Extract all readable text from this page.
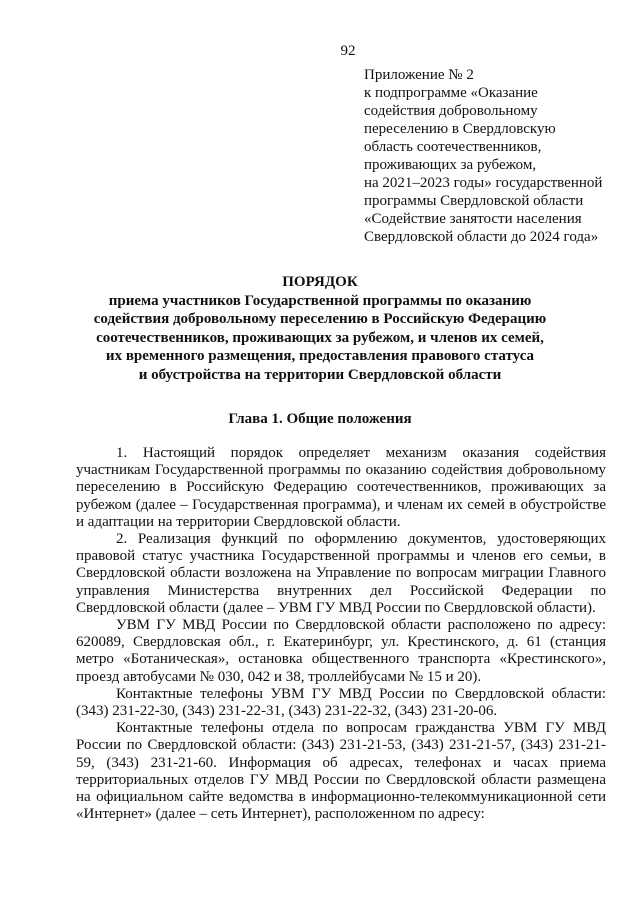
92
Приложение № 2
к подпрограмме «Оказание
содействия добровольному
переселению в Свердловскую
область соотечественников,
проживающих за рубежом,
на 2021–2023 годы» государственной
программы Свердловской области
«Содействие занятости населения
Свердловской области до 2024 года»
ПОРЯДОК
приема участников Государственной программы по оказанию
содействия добровольному переселению в Российскую Федерацию
соотечественников, проживающих за рубежом, и членов их семей,
их временного размещения, предоставления правового статуса
и обустройства на территории Свердловской области
Глава 1. Общие положения

1. Настоящий порядок определяет механизм оказания содействия участникам Государственной программы по оказанию содействия добровольному переселению в Российскую Федерацию соотечественников, проживающих за рубежом (далее – Государственная программа), и членам их семей в обустройстве и адаптации на территории Свердловской области.

2. Реализация функций по оформлению документов, удостоверяющих правовой статус участника Государственной программы и членов его семьи, в Свердловской области возложена на Управление по вопросам миграции Главного управления Министерства внутренних дел Российской Федерации по Свердловской области (далее – УВМ ГУ МВД России по Свердловской области).

УВМ ГУ МВД России по Свердловской области расположено по адресу: 620089, Свердловская обл., г. Екатеринбург, ул. Крестинского, д. 61 (станция метро «Ботаническая», остановка общественного транспорта «Крестинского», проезд автобусами № 030, 042 и 38, троллейбусами № 15 и 20).

Контактные телефоны УВМ ГУ МВД России по Свердловской области: (343) 231-22-30, (343) 231-22-31, (343) 231-22-32, (343) 231-20-06.

Контактные телефоны отдела по вопросам гражданства УВМ ГУ МВД России по Свердловской области: (343) 231-21-53, (343) 231-21-57, (343) 231-21-59, (343) 231-21-60. Информация об адресах, телефонах и часах приема территориальных отделов ГУ МВД России по Свердловской области размещена на официальном сайте ведомства в информационно-телекоммуникационной сети «Интернет» (далее – сеть Интернет), расположенном по адресу:
